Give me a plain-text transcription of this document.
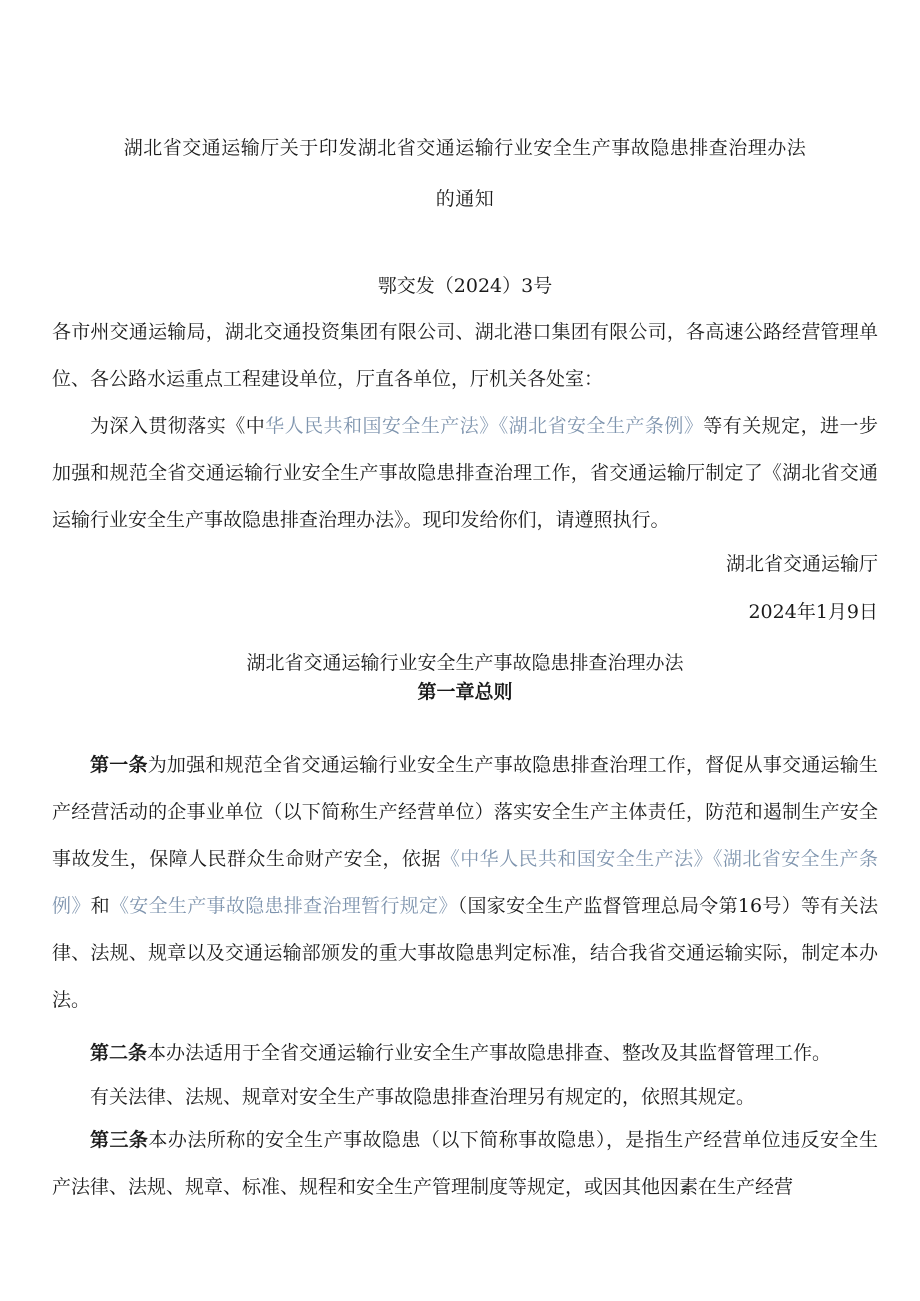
湖北省交通运输厅关于印发湖北省交通运输行业安全生产事故隐患排查治理办法
的通知
鄂交发（2024）3号

各市州交通运输局，湖北交通投资集团有限公司、湖北港口集团有限公司，各高速公路经营管理单位、各公路水运重点工程建设单位，厅直各单位，厅机关各处室：

为深入贯彻落实《中华人民共和国安全生产法》《湖北省安全生产条例》等有关规定，进一步加强和规范全省交通运输行业安全生产事故隐患排查治理工作，省交通运输厅制定了《湖北省交通运输行业安全生产事故隐患排查治理办法》。现印发给你们，请遵照执行。

湖北省交通运输厅
2024年1月9日
湖北省交通运输行业安全生产事故隐患排查治理办法
第一章总则

第一条为加强和规范全省交通运输行业安全生产事故隐患排查治理工作，督促从事交通运输生产经营活动的企事业单位（以下简称生产经营单位）落实安全生产主体责任，防范和遏制生产安全事故发生，保障人民群众生命财产安全，依据《中华人民共和国安全生产法》《湖北省安全生产条例》和《安全生产事故隐患排查治理暂行规定》（国家安全生产监督管理总局令第16号）等有关法律、法规、规章以及交通运输部颁发的重大事故隐患判定标准，结合我省交通运输实际，制定本办法。

第二条本办法适用于全省交通运输行业安全生产事故隐患排查、整改及其监督管理工作。

有关法律、法规、规章对安全生产事故隐患排查治理另有规定的，依照其规定。

第三条本办法所称的安全生产事故隐患（以下简称事故隐患），是指生产经营单位违反安全生产法律、法规、规章、标准、规程和安全生产管理制度等规定，或因其他因素在生产经营
